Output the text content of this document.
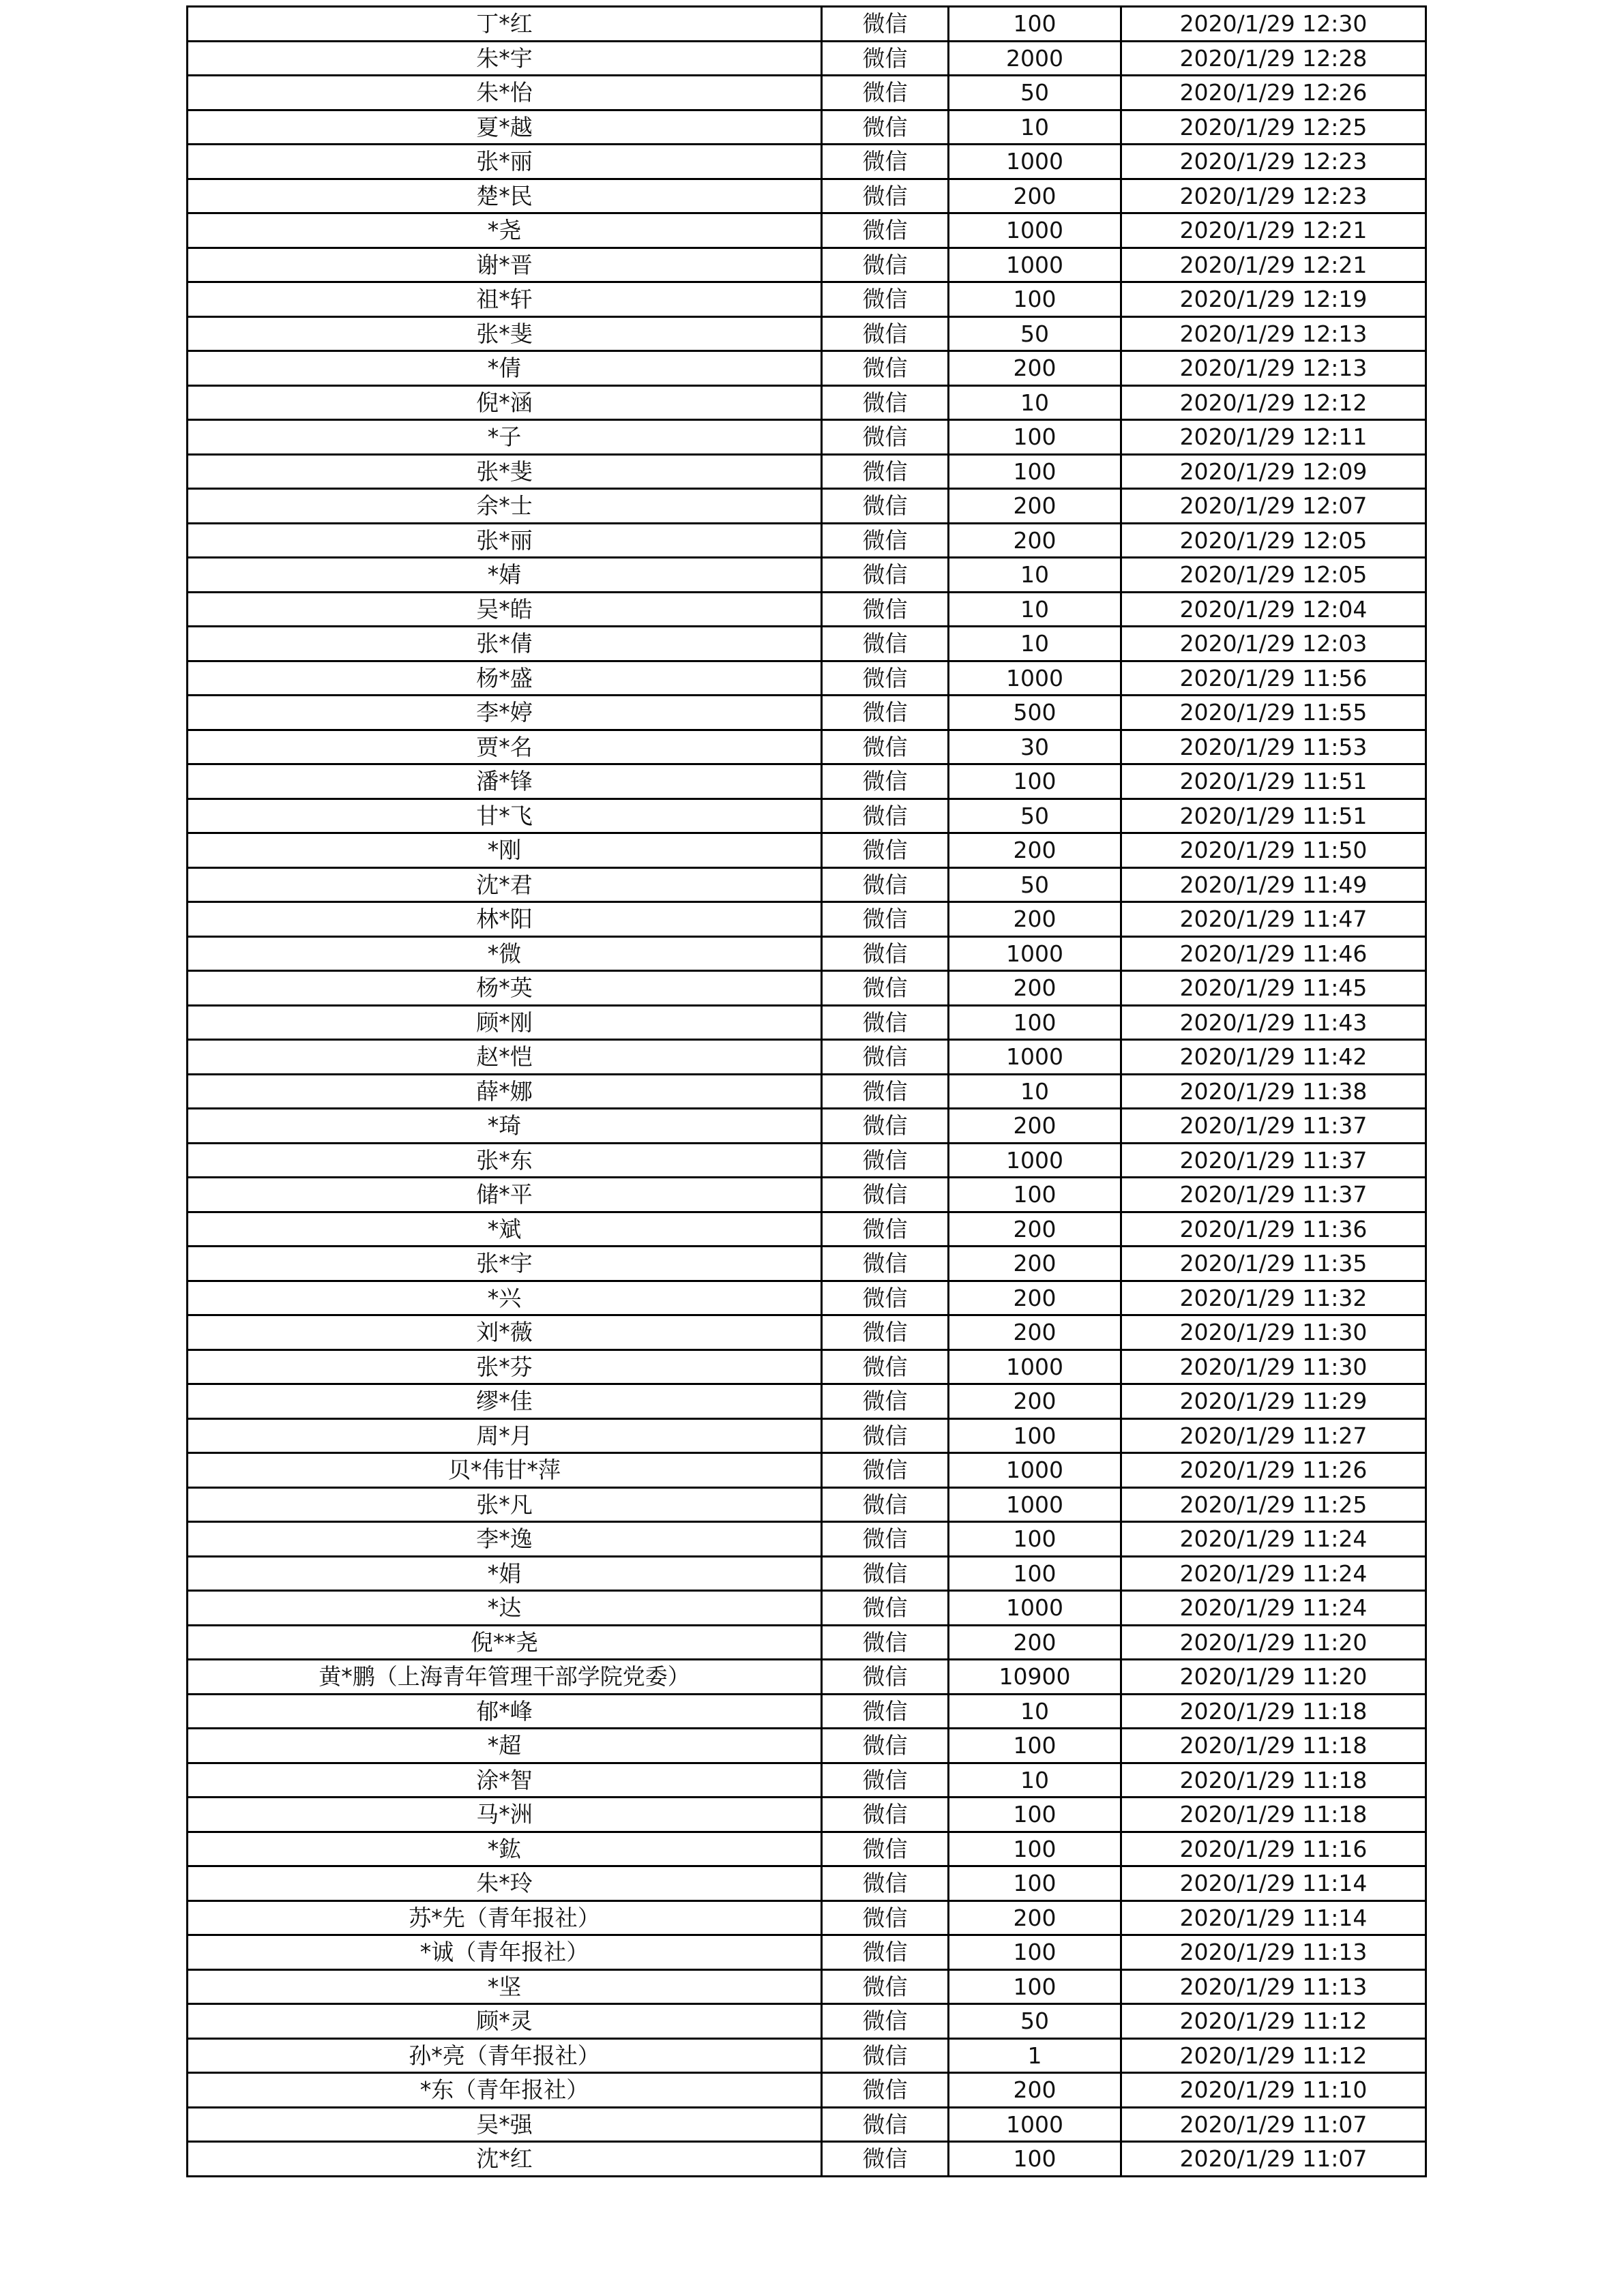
丁*红	微信	100	2020/1/29 12:30
朱*宇	微信	2000	2020/1/29 12:28
朱*怡	微信	50	2020/1/29 12:26
夏*越	微信	10	2020/1/29 12:25
张*丽	微信	1000	2020/1/29 12:23
楚*民	微信	200	2020/1/29 12:23
*尧	微信	1000	2020/1/29 12:21
谢*晋	微信	1000	2020/1/29 12:21
祖*轩	微信	100	2020/1/29 12:19
张*斐	微信	50	2020/1/29 12:13
*倩	微信	200	2020/1/29 12:13
倪*涵	微信	10	2020/1/29 12:12
*子	微信	100	2020/1/29 12:11
张*斐	微信	100	2020/1/29 12:09
余*士	微信	200	2020/1/29 12:07
张*丽	微信	200	2020/1/29 12:05
*婧	微信	10	2020/1/29 12:05
吴*皓	微信	10	2020/1/29 12:04
张*倩	微信	10	2020/1/29 12:03
杨*盛	微信	1000	2020/1/29 11:56
李*婷	微信	500	2020/1/29 11:55
贾*名	微信	30	2020/1/29 11:53
潘*锋	微信	100	2020/1/29 11:51
甘*飞	微信	50	2020/1/29 11:51
*刚	微信	200	2020/1/29 11:50
沈*君	微信	50	2020/1/29 11:49
林*阳	微信	200	2020/1/29 11:47
*微	微信	1000	2020/1/29 11:46
杨*英	微信	200	2020/1/29 11:45
顾*刚	微信	100	2020/1/29 11:43
赵*恺	微信	1000	2020/1/29 11:42
薛*娜	微信	10	2020/1/29 11:38
*琦	微信	200	2020/1/29 11:37
张*东	微信	1000	2020/1/29 11:37
储*平	微信	100	2020/1/29 11:37
*斌	微信	200	2020/1/29 11:36
张*宇	微信	200	2020/1/29 11:35
*兴	微信	200	2020/1/29 11:32
刘*薇	微信	200	2020/1/29 11:30
张*芬	微信	1000	2020/1/29 11:30
缪*佳	微信	200	2020/1/29 11:29
周*月	微信	100	2020/1/29 11:27
贝*伟甘*萍	微信	1000	2020/1/29 11:26
张*凡	微信	1000	2020/1/29 11:25
李*逸	微信	100	2020/1/29 11:24
*娟	微信	100	2020/1/29 11:24
*达	微信	1000	2020/1/29 11:24
倪**尧	微信	200	2020/1/29 11:20
黄*鹏（上海青年管理干部学院党委）	微信	10900	2020/1/29 11:20
郁*峰	微信	10	2020/1/29 11:18
*超	微信	100	2020/1/29 11:18
涂*智	微信	10	2020/1/29 11:18
马*洲	微信	100	2020/1/29 11:18
*鈜	微信	100	2020/1/29 11:16
朱*玲	微信	100	2020/1/29 11:14
苏*先（青年报社）	微信	200	2020/1/29 11:14
*诚（青年报社）	微信	100	2020/1/29 11:13
*坚	微信	100	2020/1/29 11:13
顾*灵	微信	50	2020/1/29 11:12
孙*亮（青年报社）	微信	1	2020/1/29 11:12
*东（青年报社）	微信	200	2020/1/29 11:10
吴*强	微信	1000	2020/1/29 11:07
沈*红	微信	100	2020/1/29 11:07
